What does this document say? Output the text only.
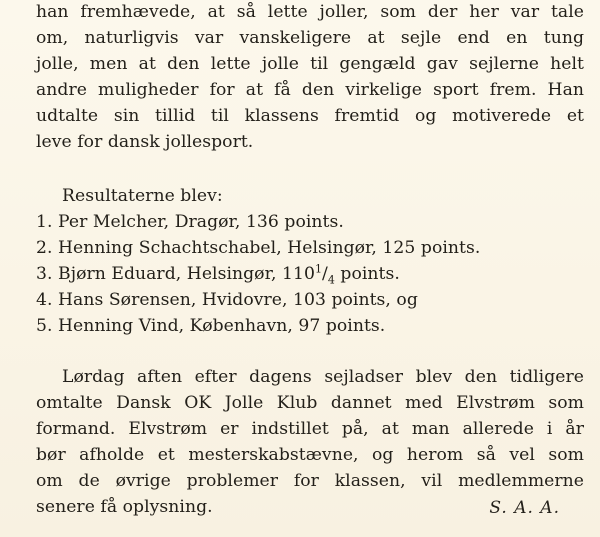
han fremhævede, at så lette joller, som der her var tale
om, naturligvis var vanskeligere at sejle end en tung
jolle, men at den lette jolle til gengæld gav sejlerne helt
andre muligheder for at få den virkelige sport frem. Han
udtalte sin tillid til klassens fremtid og motiverede et
leve for dansk jollesport.
Resultaterne blev:
1. Per Melcher, Dragør, 136 points.
2. Henning Schachtschabel, Helsingør, 125 points.
3. Bjørn Eduard, Helsingør, $110^1/_4$ points.
4. Hans Sørensen, Hvidovre, 103 points, og
5. Henning Vind, København, 97 points.
Lørdag aften efter dagens sejladser blev den tidligere
omtalte Dansk OK Jolle Klub dannet med Elvstrøm som
formand. Elvstrøm er indstillet på, at man allerede i år
bør afholde et mesterskabstævne, og herom så vel som
om de øvrige problemer for klassen, vil medlemmerne
senere få oplysning.	S. A. A.
